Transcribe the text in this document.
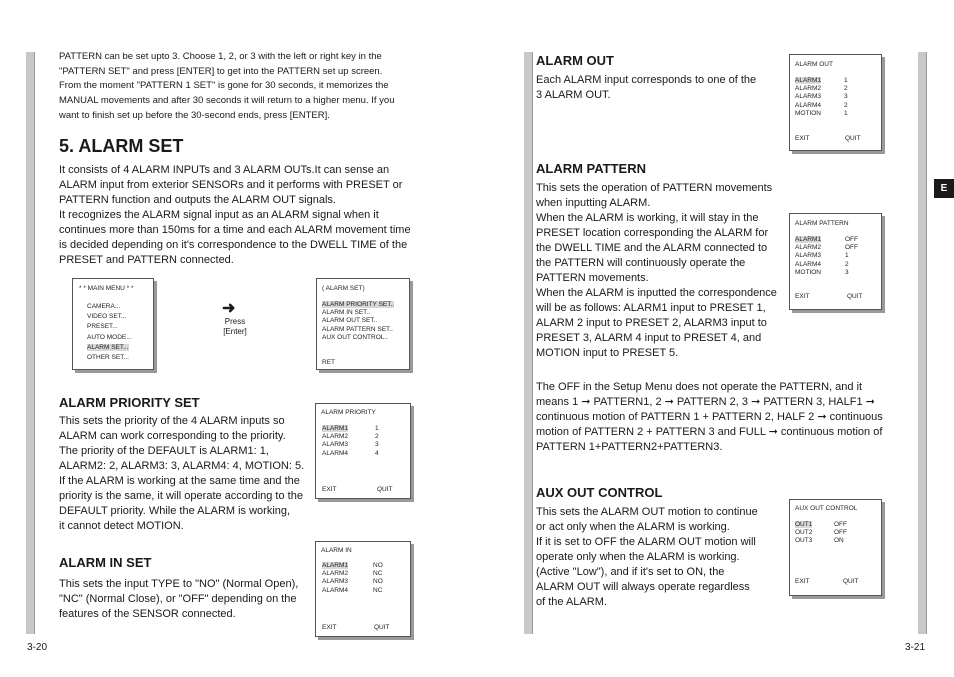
E
PATTERN can be set upto 3. Choose 1, 2, or 3 with the left or right key in the
"PATTERN SET" and press [ENTER] to get into the PATTERN set up screen.
From the moment "PATTERN 1 SET" is gone for 30 seconds, it memorizes the
MANUAL movements and after 30 seconds it will return to a higher menu. If you
want to finish set up before the 30-second ends, press [ENTER].
5. ALARM SET
It consists of 4 ALARM INPUTs and 3 ALARM OUTs.It can sense an
ALARM input from exterior SENSORs and it performs with PRESET or
PATTERN function and outputs the ALARM OUT signals.
It recognizes the ALARM signal input as an ALARM signal when it
continues more than 150ms for a time and each ALARM movement time
is decided depending on it's correspondence to the DWELL TIME of the
PRESET and PATTERN connected.
* * MAIN MENU * *
CAMERA...
VIDEO SET...
PRESET...
AUTO MODE...
ALARM SET...
OTHER SET...
➜
Press
[Enter]
( ALARM SET)
ALARM PRIORITY SET..
ALARM IN SET..
ALARM OUT SET..
ALARM PATTERN SET..
AUX OUT CONTROL..
RET
ALARM PRIORITY SET
This sets the priority of the 4 ALARM inputs so
ALARM can work corresponding to the priority.
The priority of the DEFAULT is ALARM1: 1,
ALARM2: 2, ALARM3: 3, ALARM4: 4, MOTION: 5.
If the ALARM is working at the same time and the
priority is the same, it will operate according to the
DEFAULT priority. While the ALARM is working,
it cannot detect MOTION.
ALARM PRIORITY
ALARM1	1
ALARM2	2
ALARM3	3
ALARM4	4
EXIT	QUIT
ALARM IN SET
This sets the input TYPE to "NO" (Normal Open),
"NC" (Normal Close), or "OFF" depending on the
features of the SENSOR connected.
ALARM IN
ALARM1	NO
ALARM2	NC
ALARM3	NO
ALARM4	NC
EXIT	QUIT
3-20
ALARM OUT
Each ALARM input corresponds to one of the
3 ALARM OUT.
ALARM OUT
ALARM1	1
ALARM2	2
ALARM3	3
ALARM4	2
MOTION	1
EXIT	QUIT
ALARM PATTERN
This sets the operation of PATTERN movements
when inputting ALARM.
When the ALARM is working, it will stay in the
PRESET location corresponding the ALARM for
the DWELL TIME and the ALARM connected to
the PATTERN will continuously operate the
PATTERN movements.
When the ALARM is inputted the correspondence
will be as follows: ALARM1 input to PRESET 1,
ALARM 2 input to PRESET 2, ALARM3 input to
PRESET 3, ALARM 4 input to PRESET 4, and
MOTION input to PRESET 5.
ALARM PATTERN
ALARM1	OFF
ALARM2	OFF
ALARM3	1
ALARM4	2
MOTION	3
EXIT	QUIT
The OFF in the Setup Menu does not operate the PATTERN, and it
means 1 ➞ PATTERN1, 2 ➞ PATTERN 2, 3 ➞ PATTERN 3, HALF1 ➞
continuous motion of PATTERN 1 + PATTERN 2, HALF 2 ➞ continuous
motion of PATTERN 2 + PATTERN 3 and FULL ➞ continuous motion of
PATTERN 1+PATTERN2+PATTERN3.
AUX OUT CONTROL
This sets the ALARM OUT motion to continue
or act only when the ALARM is working.
If it is set to OFF the ALARM OUT motion will
operate only when the ALARM is working.
(Active "Low"), and if it's set to ON, the
ALARM OUT will always operate regardless
of the ALARM.
AUX OUT CONTROL
OUT1	OFF
OUT2	OFF
OUT3	ON
EXIT	QUIT
3-21
